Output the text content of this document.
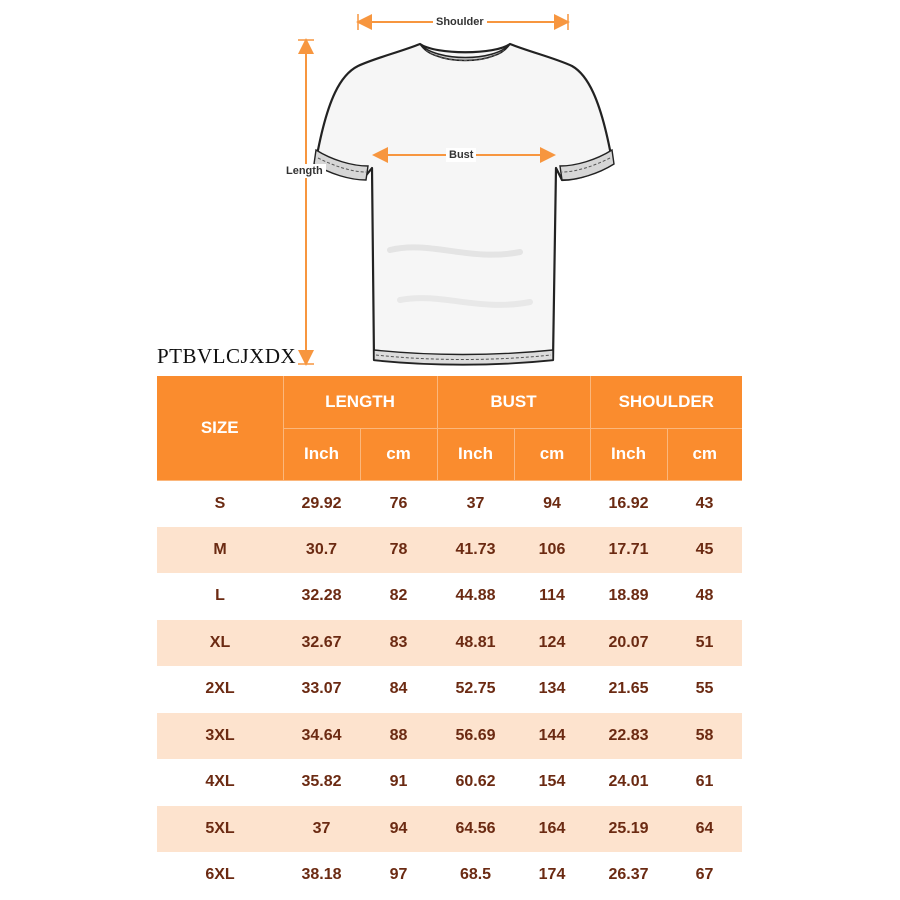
Shoulder
Bust
Length
PTBVLCJXDX
SIZE	LENGTH		BUST		SHOULDER	
	Inch	cm	Inch	cm	Inch	cm
S	29.92	76	37	94	16.92	43
M	30.7	78	41.73	106	17.71	45
L	32.28	82	44.88	114	18.89	48
XL	32.67	83	48.81	124	20.07	51
2XL	33.07	84	52.75	134	21.65	55
3XL	34.64	88	56.69	144	22.83	58
4XL	35.82	91	60.62	154	24.01	61
5XL	37	94	64.56	164	25.19	64
6XL	38.18	97	68.5	174	26.37	67
